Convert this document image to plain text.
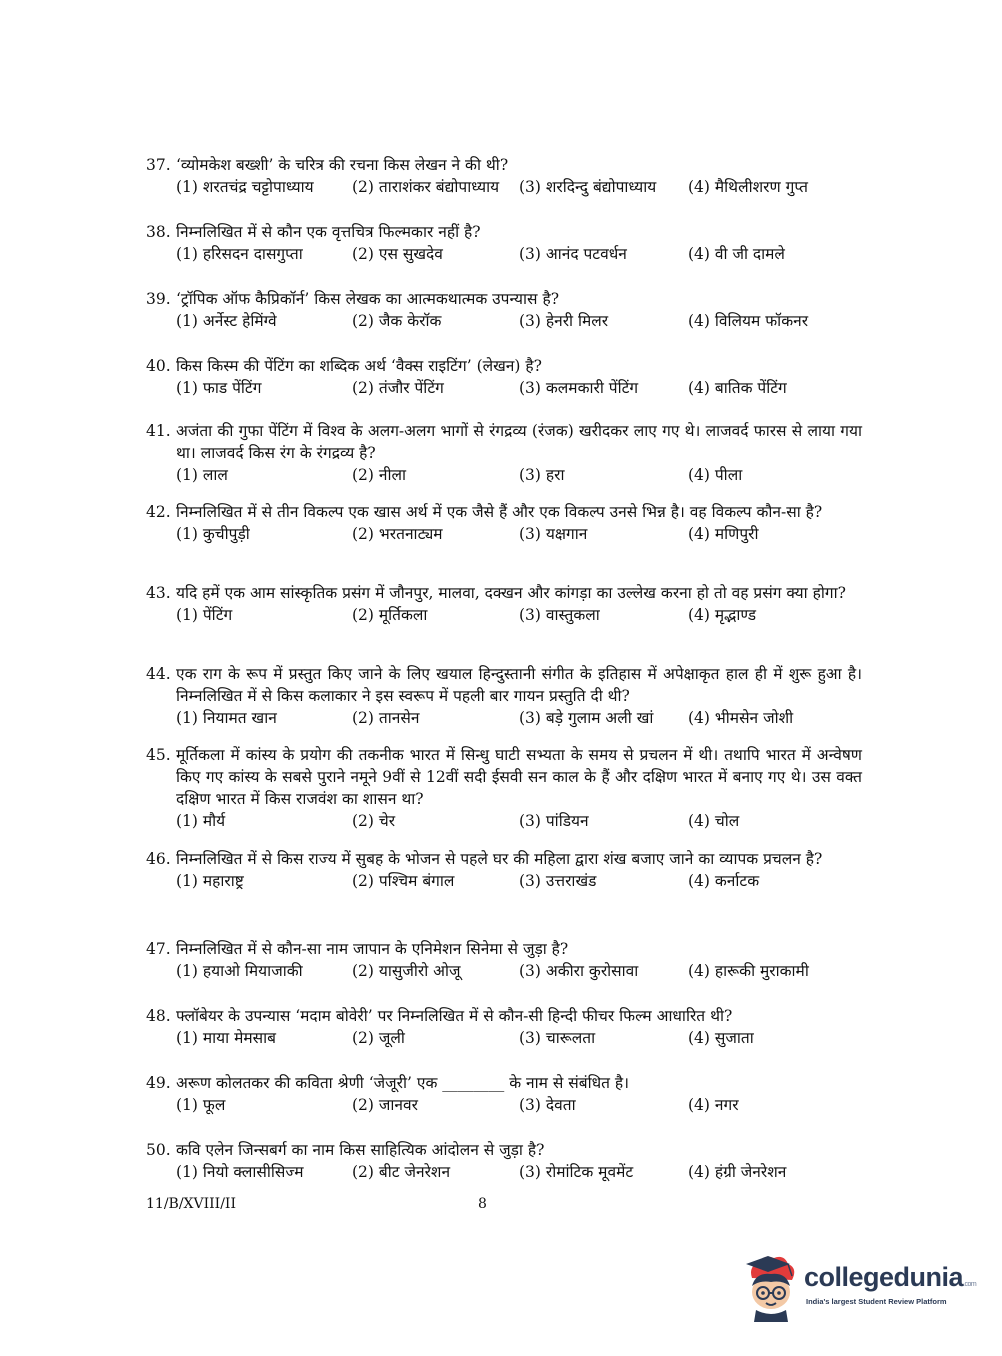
37. ‘व्योमकेश बख्शी’ के चरित्र की रचना किस लेखन ने की थी?
(1) शरतचंद्र चट्टोपाध्याय (2) ताराशंकर बंद्योपाध्याय (3) शरदिन्दु बंद्योपाध्याय (4) मैथिलीशरण गुप्त
38. निम्नलिखित में से कौन एक वृत्तचित्र फिल्मकार नहीं है?
(1) हरिसदन दासगुप्ता	(2) एस सुखदेव	(3) आनंद पटवर्धन	(4) वी जी दामले
39. ‘ट्रॉपिक ऑफ कैप्रिकॉर्न’ किस लेखक का आत्मकथात्मक उपन्यास है?
(1) अर्नेस्ट हेमिंग्वे	(2) जैक केरॉक	(3) हेनरी मिलर	(4) विलियम फॉकनर
40. किस किस्म की पेंटिंग का शब्दिक अर्थ ‘वैक्स राइटिंग’ (लेखन) है?
(1) फाड पेंटिंग	(2) तंजौर पेंटिंग	(3) कलमकारी पेंटिंग	(4) बातिक पेंटिंग
41. अजंता की गुफा पेंटिंग में विश्व के अलग-अलग भागों से रंगद्रव्य (रंजक) खरीदकर लाए गए थे। लाजवर्द फारस से लाया गया था। लाजवर्द किस रंग के रंगद्रव्य है?
(1) लाल	(2) नीला	(3) हरा	(4) पीला
42. निम्नलिखित में से तीन विकल्प एक खास अर्थ में एक जैसे हैं और एक विकल्प उनसे भिन्न है। वह विकल्प कौन-सा है?
(1) कुचीपुड़ी	(2) भरतनाट्यम	(3) यक्षगान	(4) मणिपुरी
43. यदि हमें एक आम सांस्कृतिक प्रसंग में जौनपुर, मालवा, दक्खन और कांगड़ा का उल्लेख करना हो तो वह प्रसंग क्या होगा?
(1) पेंटिंग	(2) मूर्तिकला	(3) वास्तुकला	(4) मृद्भाण्ड
44. एक राग के रूप में प्रस्तुत किए जाने के लिए खयाल हिन्दुस्तानी संगीत के इतिहास में अपेक्षाकृत हाल ही में शुरू हुआ है। निम्नलिखित में से किस कलाकार ने इस स्वरूप में पहली बार गायन प्रस्तुति दी थी?
(1) नियामत खान	(2) तानसेन	(3) बड़े गुलाम अली खां (4) भीमसेन जोशी
45. मूर्तिकला में कांस्य के प्रयोग की तकनीक भारत में सिन्धु घाटी सभ्यता के समय से प्रचलन में थी। तथापि भारत में अन्वेषण किए गए कांस्य के सबसे पुराने नमूने 9वीं से 12वीं सदी ईसवी सन काल के हैं और दक्षिण भारत में बनाए गए थे। उस वक्त दक्षिण भारत में किस राजवंश का शासन था?
(1) मौर्य	(2) चेर	(3) पांडियन	(4) चोल
46. निम्नलिखित में से किस राज्य में सुबह के भोजन से पहले घर की महिला द्वारा शंख बजाए जाने का व्यापक प्रचलन है?
(1) महाराष्ट्र	(2) पश्चिम बंगाल	(3) उत्तराखंड	(4) कर्नाटक
47. निम्नलिखित में से कौन-सा नाम जापान के एनिमेशन सिनेमा से जुड़ा है?
(1) हयाओ मियाजाकी	(2) यासुजीरो ओजू	(3) अकीरा कुरोसावा	(4) हारूकी मुराकामी
48. फ्लॉबेयर के उपन्यास ‘मदाम बोवेरी’ पर निम्नलिखित में से कौन-सी हिन्दी फीचर फिल्म आधारित थी?
(1) माया मेमसाब	(2) जूली	(3) चारूलता	(4) सुजाता
49. अरूण कोलतकर की कविता श्रेणी ‘जेजूरी’ एक ________ के नाम से संबंधित है।
(1) फूल	(2) जानवर	(3) देवता	(4) नगर
50. कवि एलेन जिन्सबर्ग का नाम किस साहित्यिक आंदोलन से जुड़ा है?
(1) नियो क्लासीसिज्म	(2) बीट जेनरेशन	(3) रोमांटिक मूवमेंट	(4) हंग्री जेनरेशन
11/B/XVIII/II	8
collegedunia.com
India's largest Student Review Platform
